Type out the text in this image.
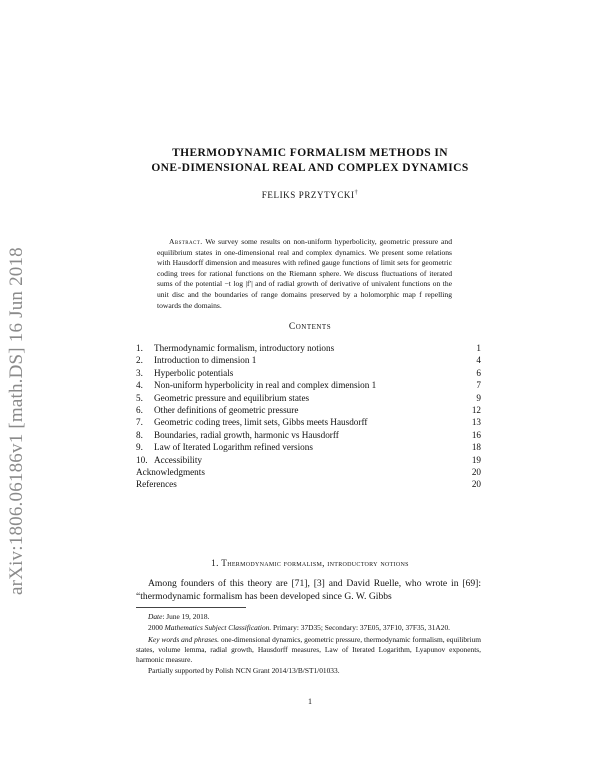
arXiv:1806.06186v1 [math.DS] 16 Jun 2018
THERMODYNAMIC FORMALISM METHODS IN
ONE-DIMENSIONAL REAL AND COMPLEX DYNAMICS
FELIKS PRZYTYCKI†
Abstract. We survey some results on non-uniform hyperbolicity, geometric pressure and equilibrium states in one-dimensional real and complex dynamics. We present some relations with Hausdorff dimension and measures with refined gauge functions of limit sets for geometric coding trees for rational functions on the Riemann sphere. We discuss fluctuations of iterated sums of the potential −t log |f′| and of radial growth of derivative of univalent functions on the unit disc and the boundaries of range domains preserved by a holomorphic map f repelling towards the domains.
Contents
1.	Thermodynamic formalism, introductory notions	1
2.	Introduction to dimension 1	4
3.	Hyperbolic potentials	6
4.	Non-uniform hyperbolicity in real and complex dimension 1	7
5.	Geometric pressure and equilibrium states	9
6.	Other definitions of geometric pressure	12
7.	Geometric coding trees, limit sets, Gibbs meets Hausdorff	13
8.	Boundaries, radial growth, harmonic vs Hausdorff	16
9.	Law of Iterated Logarithm refined versions	18
10. Accessibility	19
Acknowledgments	20
References	20
1. Thermodynamic formalism, introductory notions

Among founders of this theory are [71], [3] and David Ruelle, who wrote in [69]: “thermodynamic formalism has been developed since G. W. Gibbs

Date: June 19, 2018.

2000 Mathematics Subject Classification. Primary: 37D35; Secondary: 37E05, 37F10, 37F35, 31A20.

Key words and phrases. one-dimensional dynamics, geometric pressure, thermodynamic formalism, equilibrium states, volume lemma, radial growth, Hausdorff measures, Law of Iterated Logarithm, Lyapunov exponents, harmonic measure.

Partially supported by Polish NCN Grant 2014/13/B/ST1/01033.

1
